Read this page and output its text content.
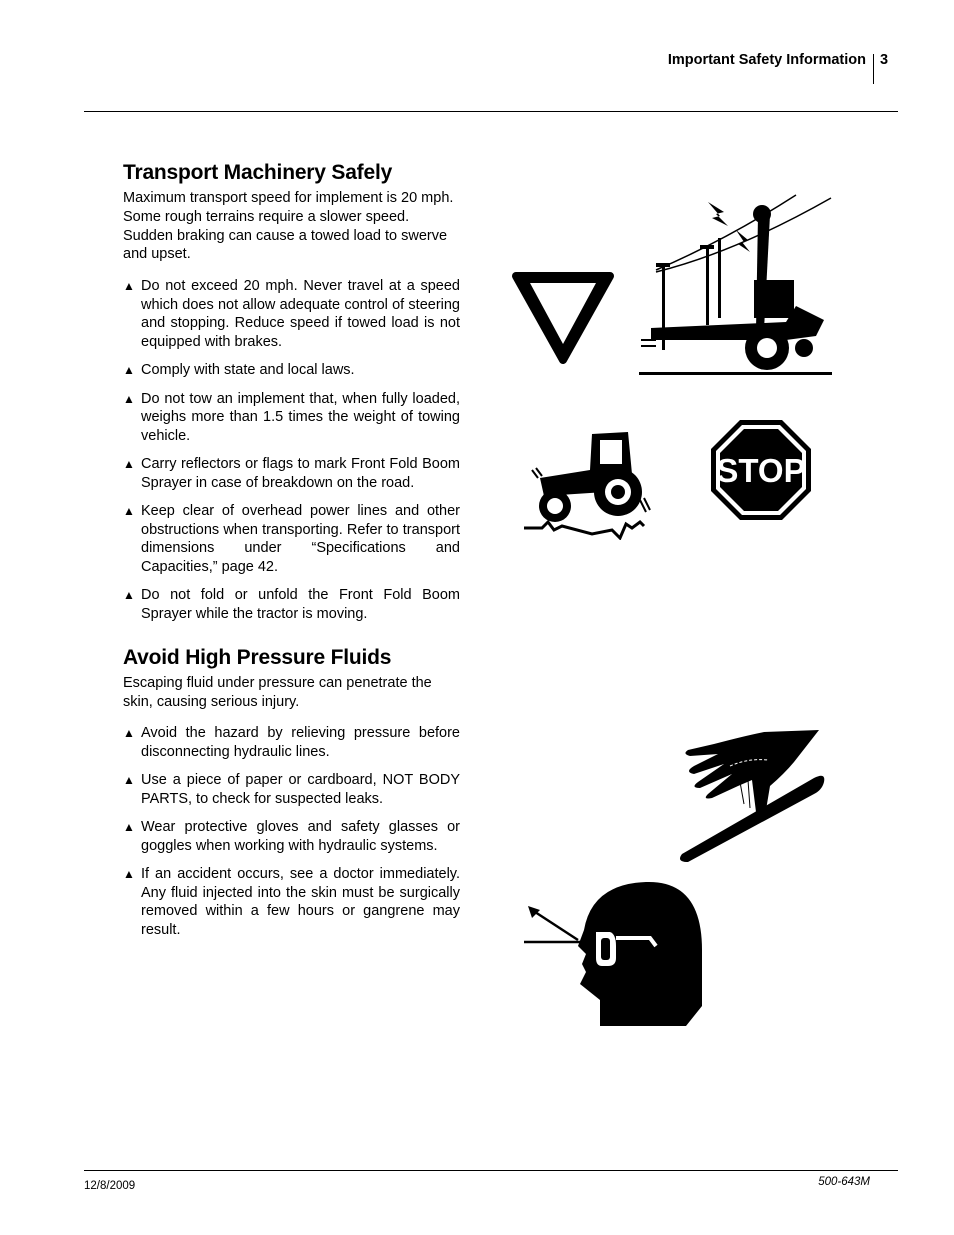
Important Safety Information 3
Transport Machinery Safely

Maximum transport speed for implement is 20 mph. Some rough terrains require a slower speed. Sudden braking can cause a towed load to swerve and upset.

▲ Do not exceed 20 mph. Never travel at a speed which does not allow adequate control of steering and stopping. Reduce speed if towed load is not equipped with brakes.
▲ Comply with state and local laws.
▲ Do not tow an implement that, when fully loaded, weighs more than 1.5 times the weight of towing vehicle.
▲ Carry reflectors or flags to mark Front Fold Boom Sprayer in case of breakdown on the road.
▲ Keep clear of overhead power lines and other obstructions when transporting. Refer to transport dimensions under “Specifications and Capacities,” page 42.
▲ Do not fold or unfold the Front Fold Boom Sprayer while the tractor is moving.
Avoid High Pressure Fluids

Escaping fluid under pressure can penetrate the skin, causing serious injury.

▲ Avoid the hazard by relieving pressure before disconnecting hydraulic lines.
▲ Use a piece of paper or cardboard, NOT BODY PARTS, to check for suspected leaks.
▲ Wear protective gloves and safety glasses or goggles when working with hydraulic systems.
▲ If an accident occurs, see a doctor immediately. Any fluid injected into the skin must be surgically removed within a few hours or gangrene may result.
STOP
12/8/2009	500-643M
